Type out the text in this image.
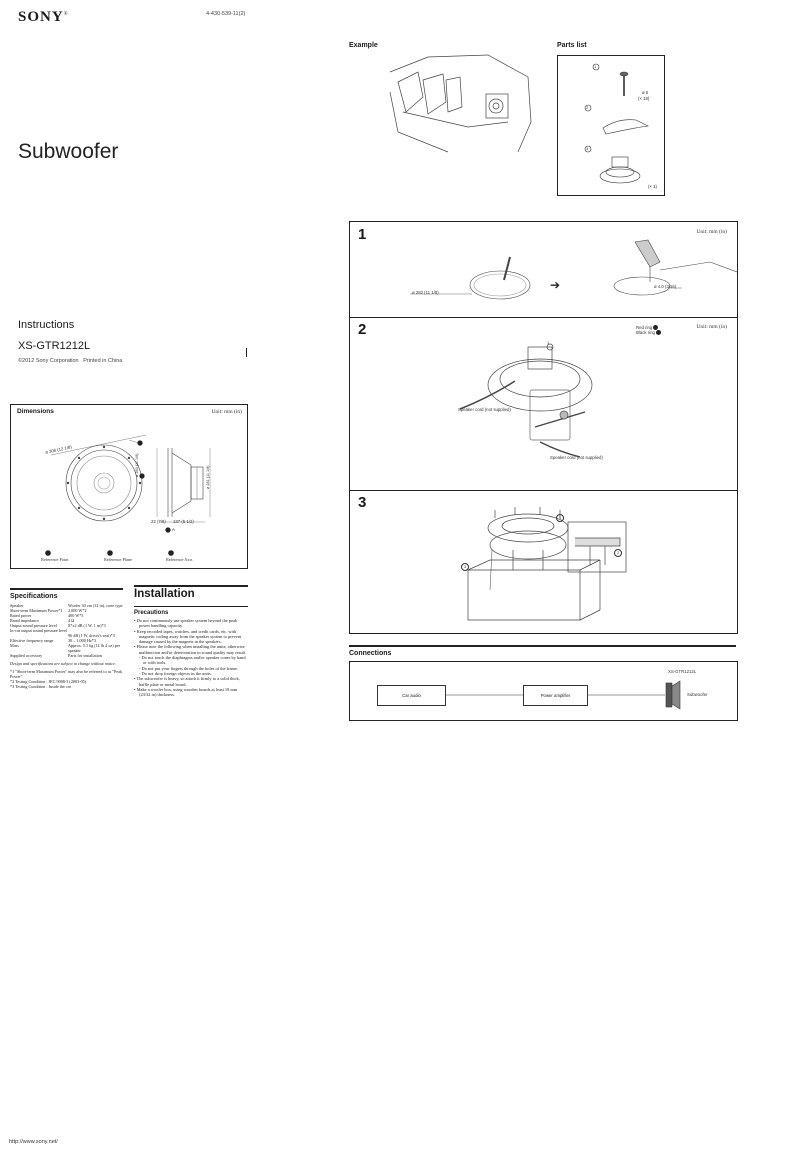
SONY®	4-430-539-11(2)
Subwoofer
Instructions
XS-GTR1212L
©2012 Sony Corporation Printed in China
Dimensions	Unit: mm (in)
ø 306 (12 1/8)
ø 283 (11 1/8)
ø 281 (11 1/8)
22 (7/8) 137 (5 1/2)
A
Reference Point	Reference Plane	Reference Axis
Specifications
Speaker	Woofer 30 cm (12 in), cone type
Short-term Maximum Power*1	2,000 W*2
Rated power	400 W*3
Rated impedance	4 Ω
Output sound pressure level	87±2 dB (1 W, 1 m)*3
In-car output sound pressure level	
	96 dB (1 W, driver's seat)*3
Effective frequency range	30 – 1,000 Hz*3
Mass	Approx. 5.1 kg (11 lb 4 oz) per speaker
Supplied accessory	Parts for installation
Design and specifications are subject to change without notice.
*1 "Short-term Maximum Power" may also be referred to as "Peak Power".
*2 Testing Condition : JEC 9008-3 (2003-05)
*3 Testing Condition : Inside the car
Installation
Precautions
• Do not continuously use speaker system beyond the peak power handling capacity.
• Keep recorded tapes, watches, and credit cards, etc. with magnetic coding away from the speaker system to prevent damage caused by the magnets in the speakers.
• Please note the following when installing the units; otherwise malfunction and/or deterioration in sound quality may result.
- Do not touch the diaphragms and/or speaker cones by hand or with tools.
- Do not put your fingers through the holes of the frame.
- Do not drop foreign objects in the units.
• The subwoofer is heavy, so attach it firmly to a solid thick, baffle plate or metal board.
• Make a woofer box, using wooden boards at least 18 mm (23/32 in) thickness.
http://www.sony.net/
Example	Parts list
1
2
3
ø 5
(× 18)
(× 1)
1	Unit: mm (in)
➔
ø 282 (11 1/8)
ø 4.0 (3/16)
2	Unit: mm (in)
Red ring
Black ring
1
Speaker cord (not supplied)
Speaker cord (not supplied)
3
1
2
3
Connections
Car audio	Power amplifier
XS-GTR1212L
Subwoofer
